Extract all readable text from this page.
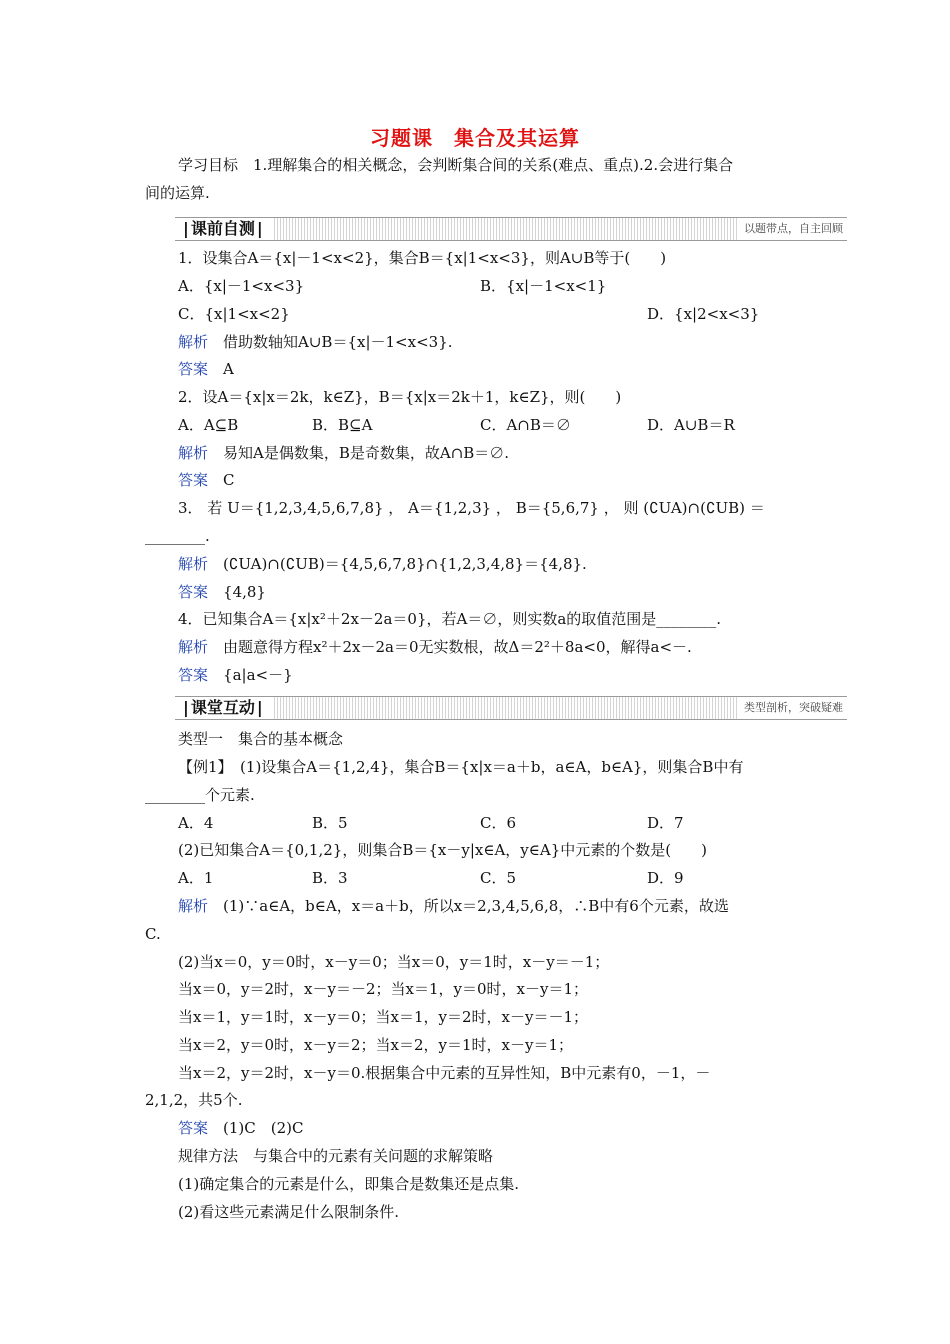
习题课　集合及其运算
学习目标　1.理解集合的相关概念，会判断集合间的关系(难点、重点).2.会进行集合
间的运算.
| 课前自测 |	以题带点，自主回顾
1．设集合A＝{x|－1<x<2}，集合B＝{x|1<x<3}，则A∪B等于(　　)
A．{x|－1<x<3}	B．{x|－1<x<1}
C．{x|1<x<2}	D．{x|2<x<3}
解析　 借助数轴知A∪B＝{x|－1<x<3}.
答案　 A
2．设A＝{x|x＝2k，k∈Z}，B＝{x|x＝2k＋1，k∈Z}，则(　　)
A．A⊆B	B．B⊆A	C．A∩B＝∅	D．A∪B＝R
解析　 易知A是偶数集，B是奇数集，故A∩B＝∅.
答案　 C
3． 若 U＝{1,2,3,4,5,6,7,8} ， A＝{1,2,3} ， B＝{5,6,7} ， 则 (∁UA)∩(∁UB) ＝
________.
解析　 (∁UA)∩(∁UB)＝{4,5,6,7,8}∩{1,2,3,4,8}＝{4,8}.
答案　 {4,8}
4．已知集合A＝{x|x²＋2x－2a＝0}，若A＝∅，则实数a的取值范围是________.
解析　 由题意得方程x²＋2x－2a＝0无实数根，故Δ＝2²＋8a<0，解得a<－.
答案　 {a|a<－}
| 课堂互动 |	类型剖析，突破疑难
类型一　集合的基本概念
【例1】　(1)设集合A＝{1,2,4}，集合B＝{x|x＝a＋b，a∈A，b∈A}，则集合B中有
________个元素.
A．4	B．5	C．6	D．7
(2)已知集合A＝{0,1,2}，则集合B＝{x－y|x∈A，y∈A}中元素的个数是(　　)
A．1	B．3	C．5	D．9
解析　 (1)∵a∈A，b∈A，x＝a＋b，所以x＝2,3,4,5,6,8，∴B中有6个元素，故选
C.
(2)当x＝0，y＝0时，x－y＝0；当x＝0，y＝1时，x－y＝－1；
当x＝0，y＝2时，x－y＝－2；当x＝1，y＝0时，x－y＝1；
当x＝1，y＝1时，x－y＝0；当x＝1，y＝2时，x－y＝－1；
当x＝2，y＝0时，x－y＝2；当x＝2，y＝1时，x－y＝1；
当x＝2，y＝2时，x－y＝0.根据集合中元素的互异性知，B中元素有0，－1，－
2,1,2，共5个.
答案　 (1)C　(2)C
规律方法　与集合中的元素有关问题的求解策略
(1)确定集合的元素是什么，即集合是数集还是点集.
(2)看这些元素满足什么限制条件.
